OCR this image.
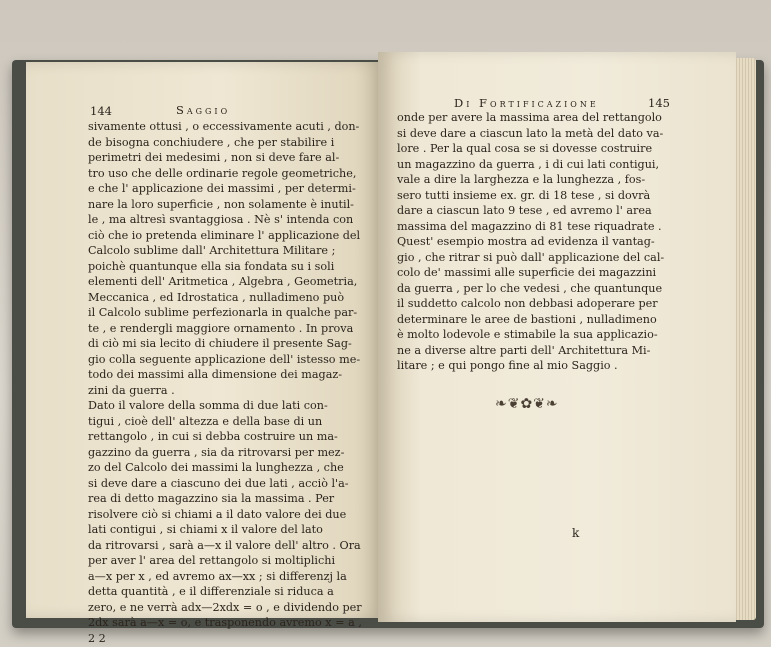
144	Saggio
sivamente ottusi , o eccessivamente acuti , don-
de bisogna conchiudere , che per stabilire i
perimetri dei medesimi , non si deve fare al-
tro uso che delle ordinarie regole geometriche,
e che l' applicazione dei massimi , per determi-
nare la loro superficie , non solamente è inutil-
le , ma altresì svantaggiosa . Nè s' intenda con
ciò che io pretenda eliminare l' applicazione del
Calcolo sublime dall' Architettura Militare ;
poichè quantunque ella sia fondata su i soli
elementi dell' Aritmetica , Algebra , Geometria,
Meccanica , ed Idrostatica , nulladimeno può
il Calcolo sublime perfezionarla in qualche par-
te , e rendergli maggiore ornamento . In prova
di ciò mi sia lecito di chiudere il presente Sag-
gio colla seguente applicazione dell' istesso me-
todo dei massimi alla dimensione dei magaz-
zini da guerra .
Dato il valore della somma di due lati con-
tigui , cioè dell' altezza e della base di un
rettangolo , in cui si debba costruire un ma-
gazzino da guerra , sia da ritrovarsi per mez-
zo del Calcolo dei massimi la lunghezza , che
si deve dare a ciascuno dei due lati , acciò l'a-
rea di detto magazzino sia la massima . Per
risolvere ciò si chiami a il dato valore dei due
lati contigui , si chiami x il valore del lato
da ritrovarsi , sarà a—x il valore dell' altro . Ora
per aver l' area del rettangolo si moltiplichi
a—x per x , ed avremo ax—xx ; si differenzj la
detta quantità , e il differenziale si riduca a
zero, e ne verrà adx—2xdx = o , e dividendo per
2dx sarà a—x = o, e trasponendo avremo x = a ,
2 2
Di Fortificazione	145
onde per avere la massima area del rettangolo
si deve dare a ciascun lato la metà del dato va-
lore . Per la qual cosa se si dovesse costruire
un magazzino da guerra , i di cui lati contigui,
vale a dire la larghezza e la lunghezza , fos-
sero tutti insieme ex. gr. di 18 tese , si dovrà
dare a ciascun lato 9 tese , ed avremo l' area
massima del magazzino di 81 tese riquadrate .
Quest' esempio mostra ad evidenza il vantag-
gio , che ritrar si può dall' applicazione del cal-
colo de' massimi alle superficie dei magazzini
da guerra , per lo che vedesi , che quantunque
il suddetto calcolo non debbasi adoperare per
determinare le aree de bastioni , nulladimeno
è molto lodevole e stimabile la sua applicazio-
ne a diverse altre parti dell' Architettura Mi-
litare ; e qui pongo fine al mio Saggio .
❧❦✿❦❧
k
